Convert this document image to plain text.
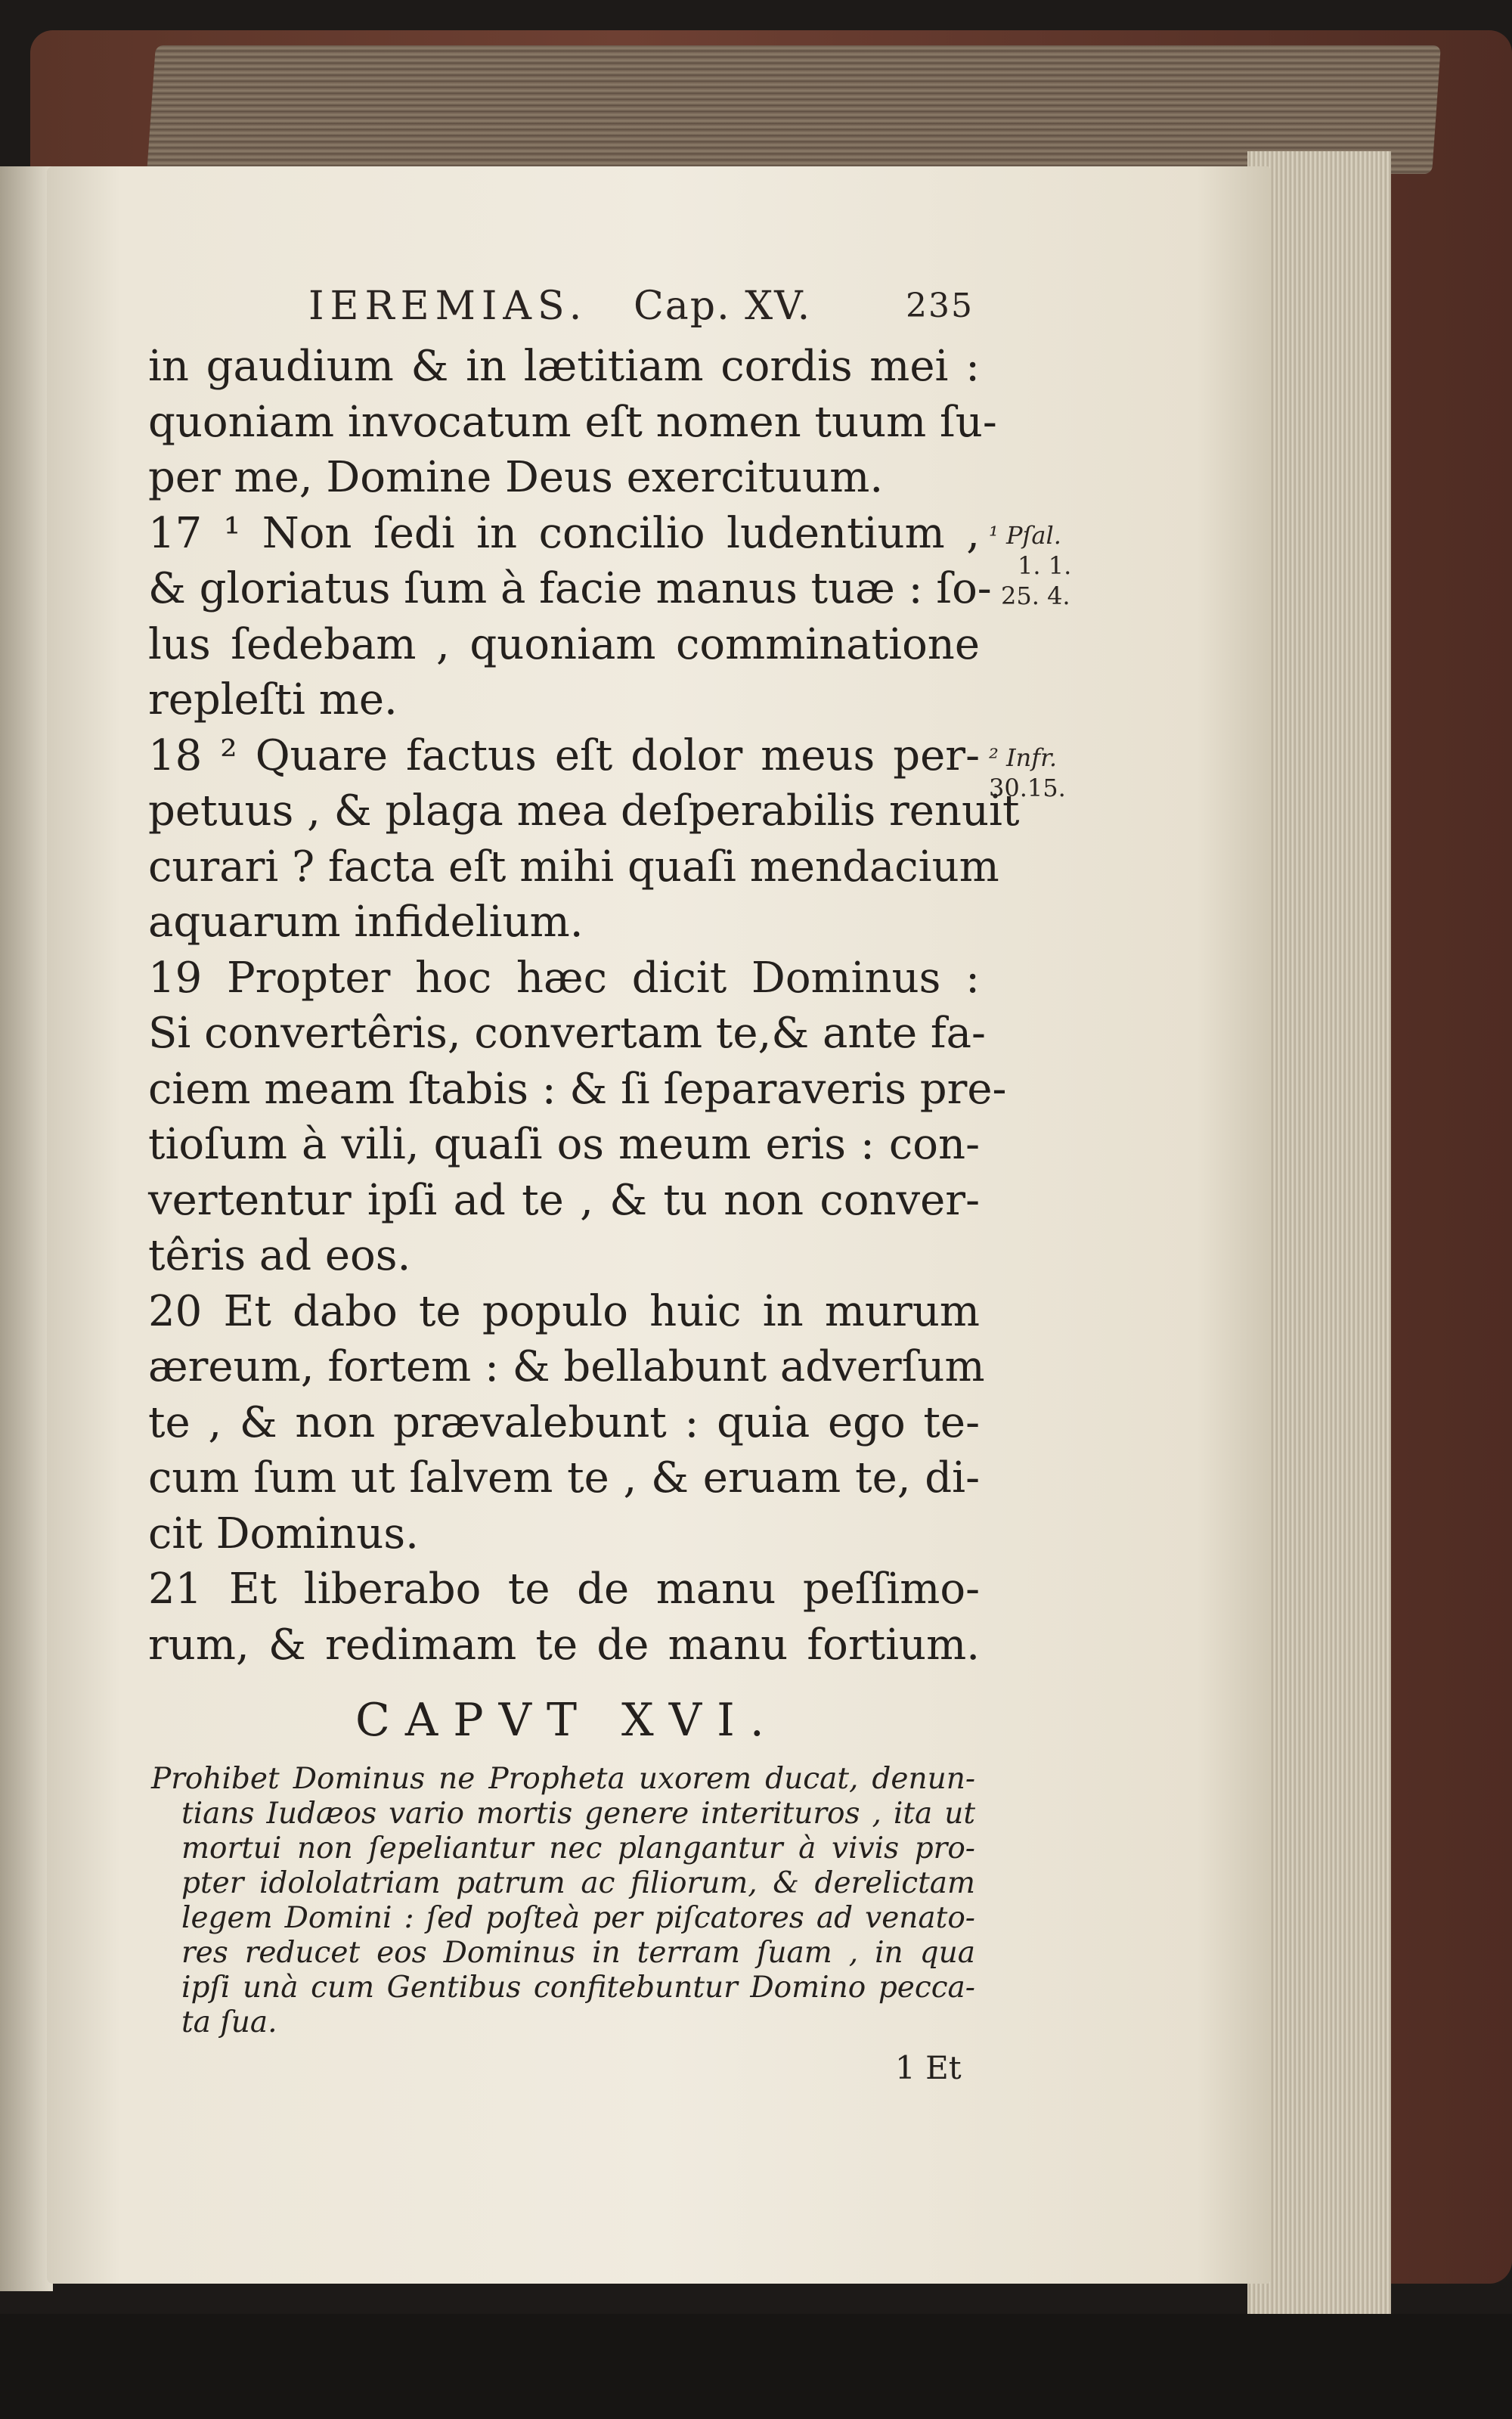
IEREMIAS. Cap. XV.	235
in gaudium & in lætitiam cordis mei :
quoniam invocatum eſt nomen tuum ſu-
per me, Domine Deus exercituum.
17 ¹ Non ſedi in concilio ludentium ,
& gloriatus ſum à facie manus tuæ : ſo-
lus ſedebam , quoniam comminatione
repleſti me.
18 ² Quare factus eſt dolor meus per-
petuus , & plaga mea deſperabilis renuit
curari ? facta eſt mihi quaſi mendacium
aquarum infidelium.
19 Propter hoc hæc dicit Dominus :
Si convertêris, convertam te,& ante fa-
ciem meam ſtabis : & ſi ſeparaveris pre-
tioſum à vili, quaſi os meum eris : con-
vertentur ipſi ad te , & tu non conver-
têris ad eos.
20 Et dabo te populo huic in murum
æreum, fortem : & bellabunt adverſum
te , & non prævalebunt : quia ego te-
cum ſum ut ſalvem te , & eruam te, di-
cit Dominus.
21 Et liberabo te de manu peſſimo-
rum, & redimam te de manu fortium.
¹ Pſal.
1. 1.
25. 4.
² Infr.
30.15.
CAPVT XVI.
Prohibet Dominus ne Propheta uxorem ducat, denun-
tians Iudæos vario mortis genere interituros , ita ut
mortui non ſepeliantur nec plangantur à vivis pro-
pter idololatriam patrum ac filiorum, & derelictam
legem Domini : ſed poſteà per piſcatores ad venato-
res reducet eos Dominus in terram ſuam , in qua
ipſi unà cum Gentibus confitebuntur Domino pecca-
ta ſua.
1 Et
